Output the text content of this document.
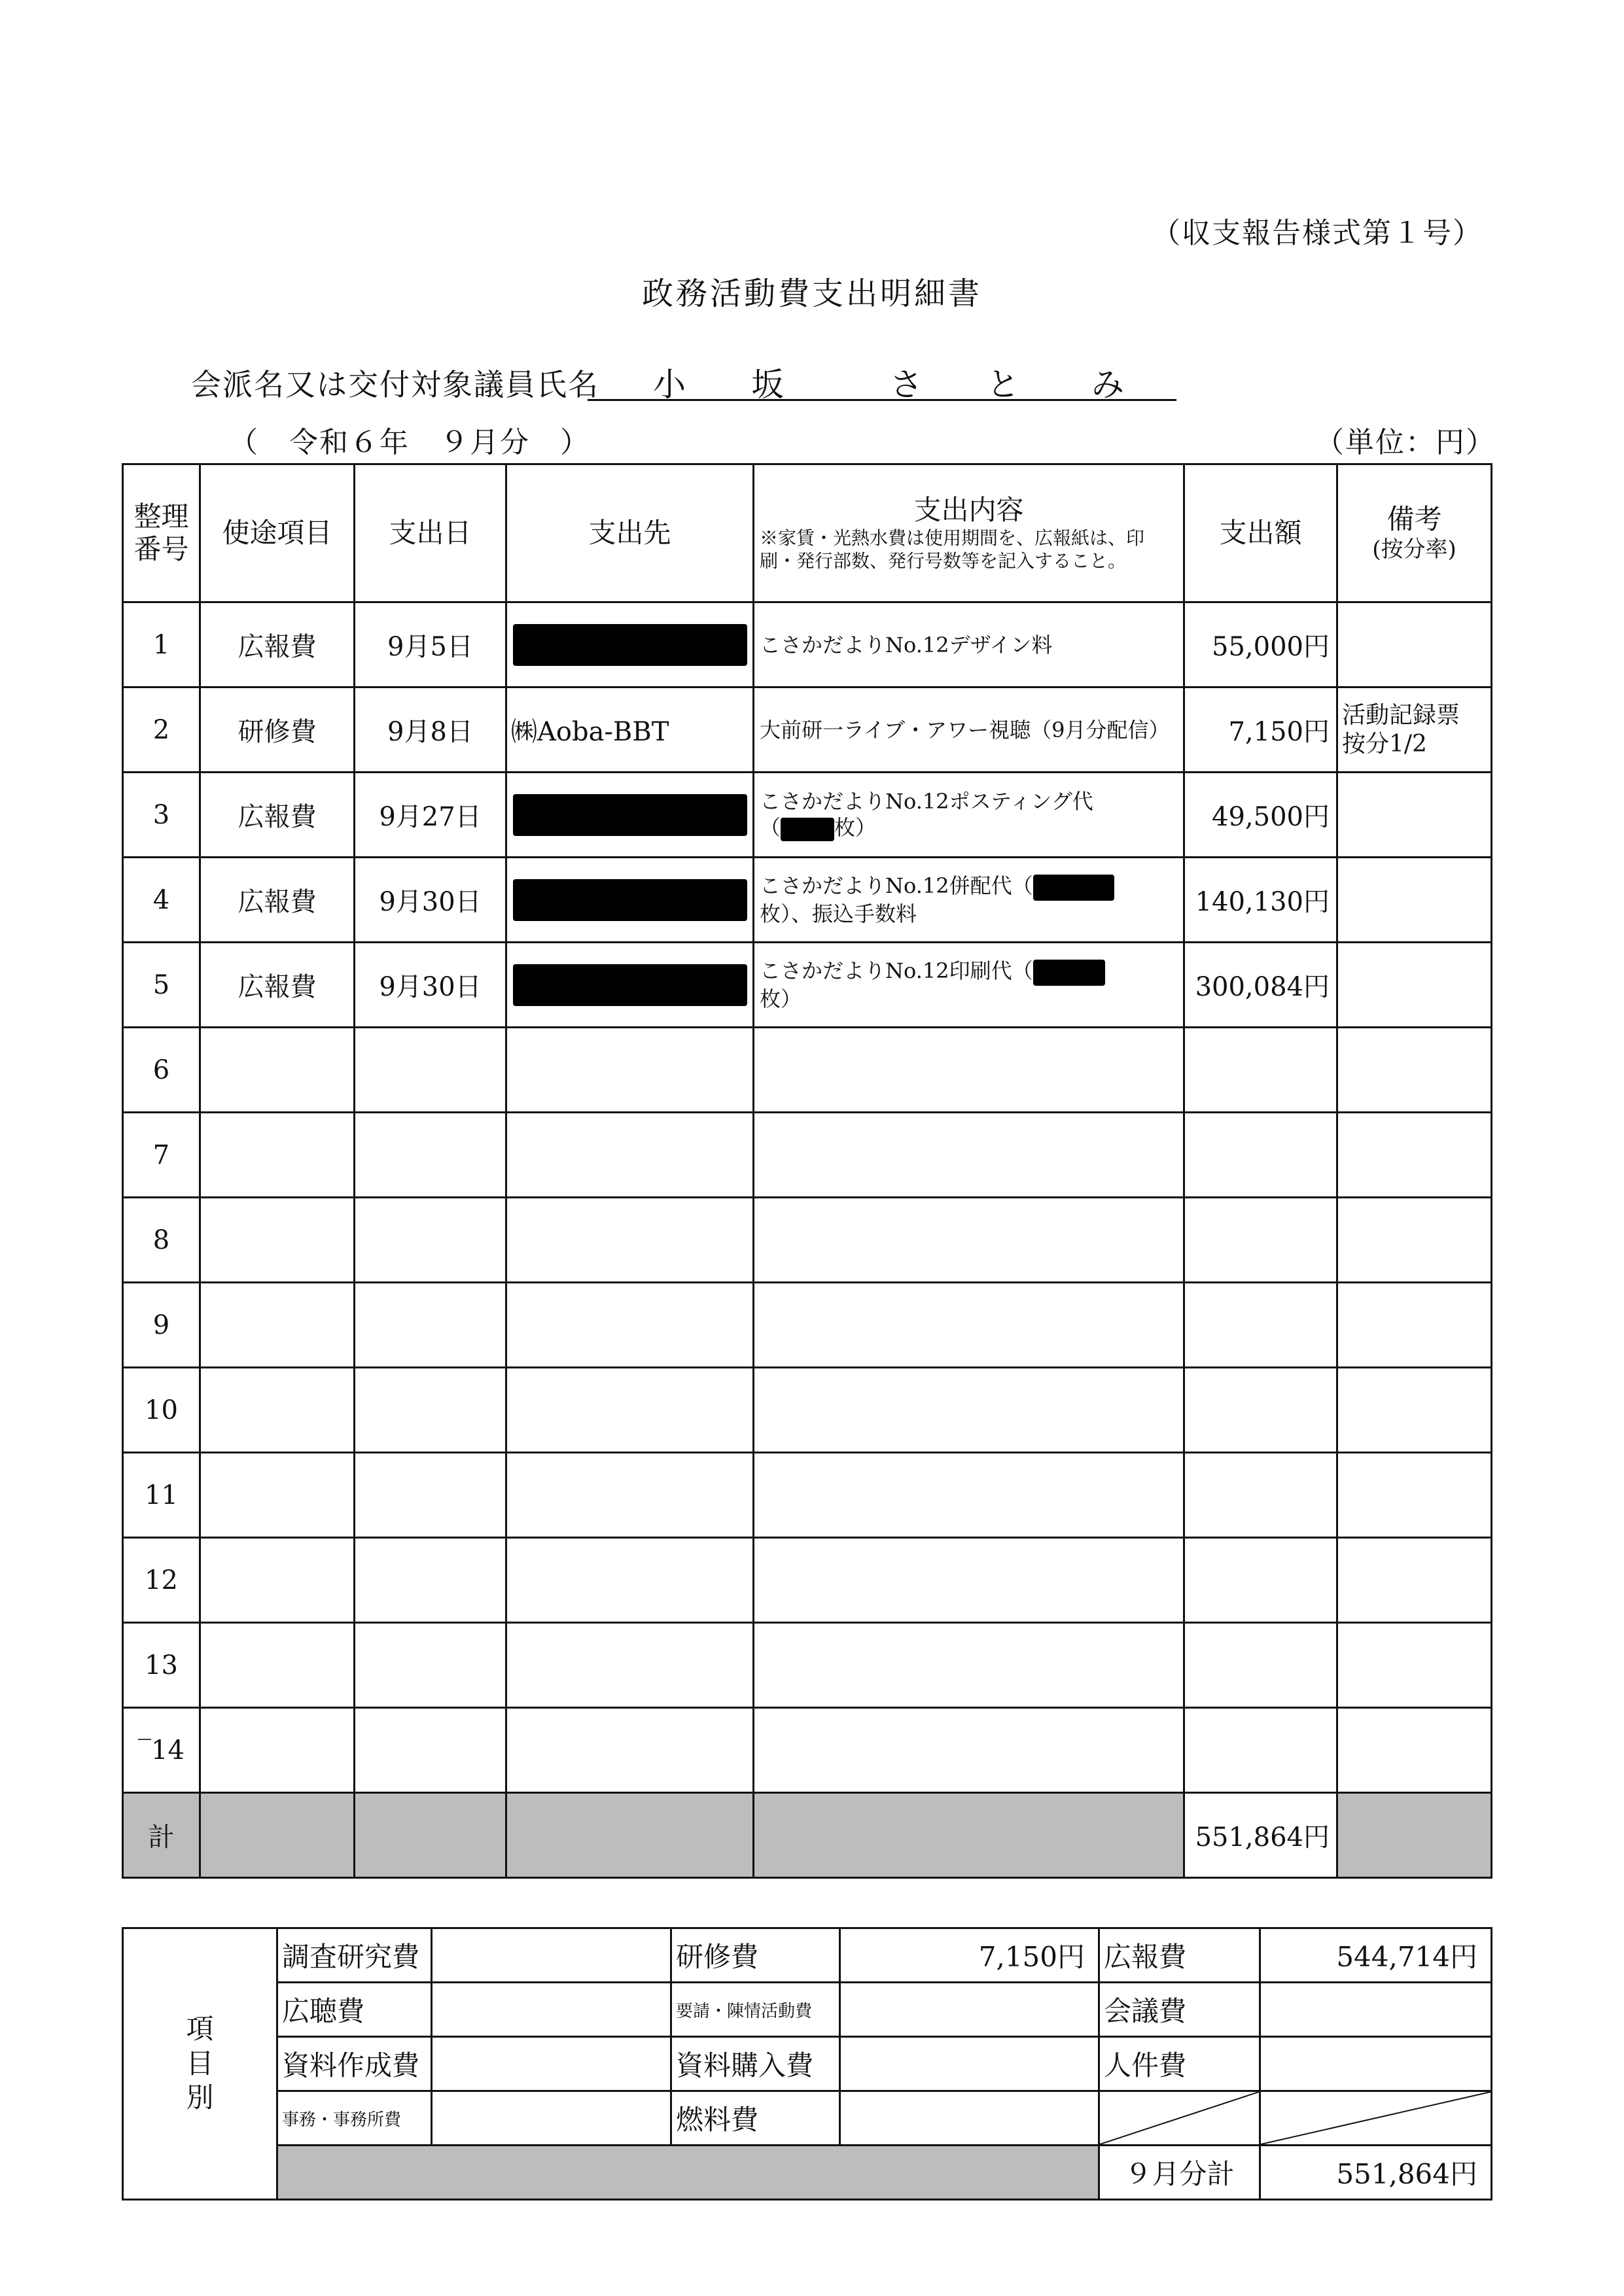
（収支報告様式第１号）
政務活動費支出明細書
会派名又は交付対象議員氏名 小 坂	さ と み
（　令和６年　９月分　）	（単位：円）
整理
番号	使途項目	支出日	支出先	支出内容
※家賃・光熱水費は使用期間を、広報紙は、印刷・発行部数、発行号数等を記入すること。	支出額	備考
(按分率)

1	広報費	9月5日		こさかだよりNo.12デザイン料	55,000円	
2	研修費	9月8日	㈱Aoba-BBT	大前研一ライブ・アワー視聴（9月分配信）	7,150円	活動記録票
按分1/2
3	広報費	9月27日		こさかだよりNo.12ポスティング代
（ 枚）	49,500円	
4	広報費	9月30日		こさかだよりNo.12併配代（
枚）、振込手数料	140,130円	
5	広報費	9月30日		こさかだよりNo.12印刷代（
枚）	300,084円	
6						
7						
8						
9						
10						
11						
12						
13						
‾14						
計					551,864円	
項
目
別	調査研究費		研修費	7,150円	広報費	544,714円
	広聴費		要請・陳情活動費		会議費	
	資料作成費		資料購入費		人件費	
	事務・事務所費		燃料費		

					９月分計	551,864円
